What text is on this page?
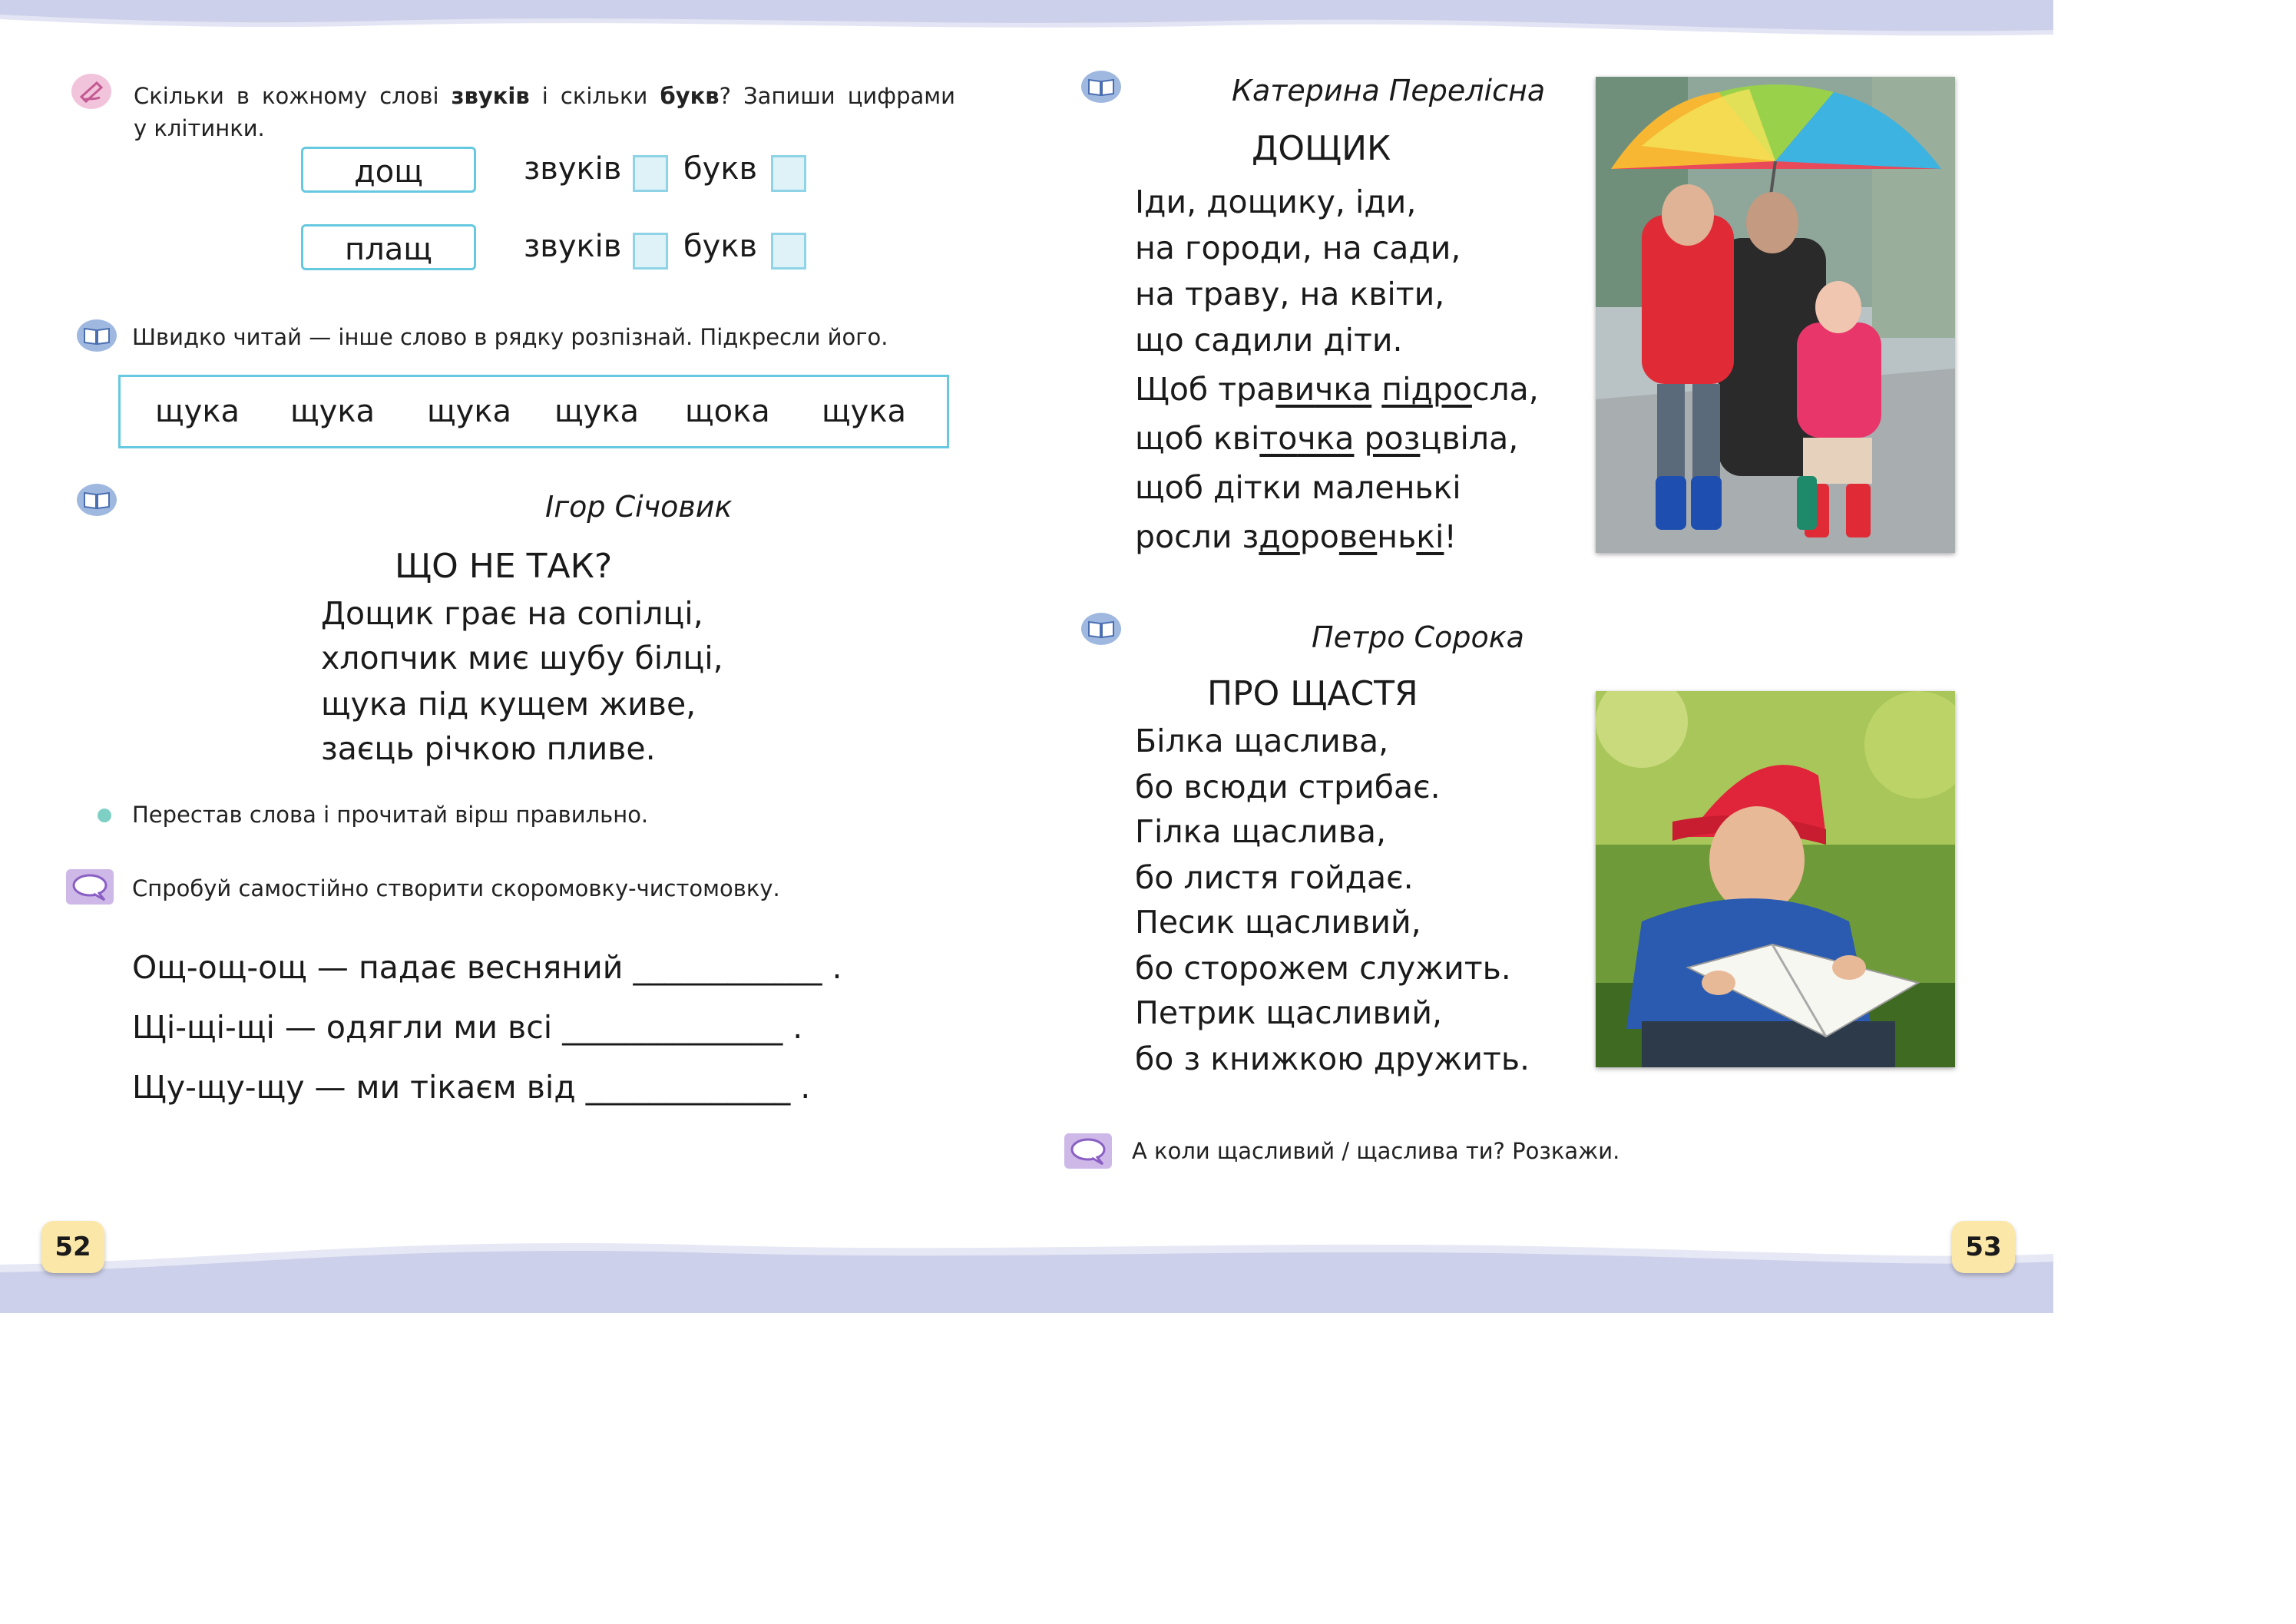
Скільки в кожному слові звуків і скільки букв? Запиши цифрами
у клітинки.
дощ	звуків букв
плащ	звуків букв
Швидко читай — інше слово в рядку розпізнай. Підкресли його.
щука щука щука щука щока щука
Ігор Січовик
ЩО НЕ ТАК?
Дощик грає на сопілці,
хлопчик миє шубу білці,
щука під кущем живе,
заєць річкою пливе.
Перестав слова і прочитай вірш правильно.
Спробуй самостійно створити скоромовку-чистомовку.
Ощ-ощ-ощ — падає весняний ____________ .
Щі-щі-щі — одягли ми всі ______________ .
Щу-щу-щу — ми тікаєм від _____________ .
52
Катерина Перелісна
ДОЩИК
Іди, дощику, іди,
на городи, на сади,
на траву, на квіти,
що садили діти.
Щоб травичка підросла,
щоб квіточка розцвіла,
щоб дітки маленькі
росли здоровенькі!
Петро Сорока
ПРО ЩАСТЯ
Білка щаслива,
бо всюди стрибає.
Гілка щаслива,
бо листя гойдає.
Песик щасливий,
бо сторожем служить.
Петрик щасливий,
бо з книжкою дружить.
А коли щасливий / щаслива ти? Розкажи.
53
